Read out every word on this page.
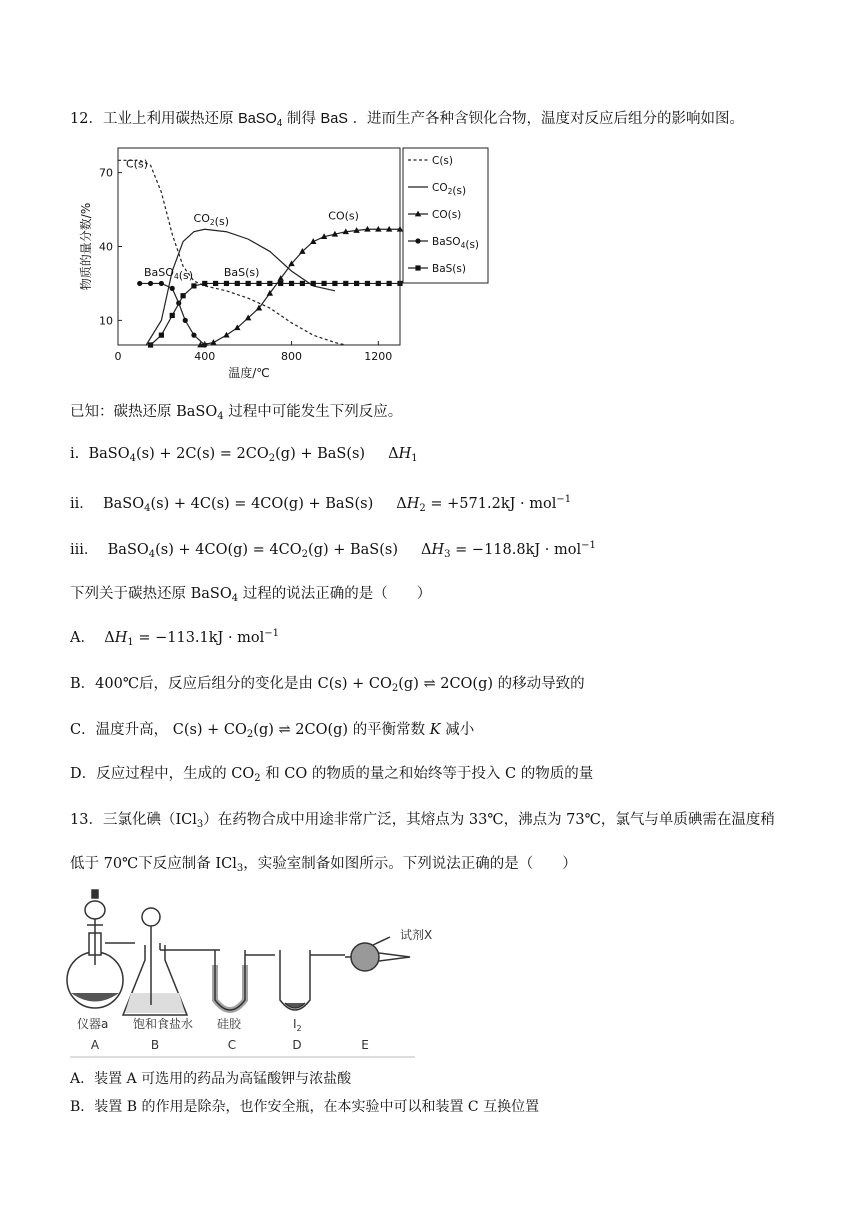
12．工业上利用碳热还原 BaSO$_4$ 制得 BaS ．进而生产各种含钡化合物，温度对反应后组分的影响如图。
0	400	800	1200
10
40
70
温度/℃
物质的量分数/%
C(s)
$CO_2(s)$
CO(s)
BaSO$_4$(s)
BaS(s)
C(s)
$CO_2(s)$	CO(s)
BaSO$_4$(s)	BaS(s)
已知：碳热还原 BaSO$_4$ 过程中可能发生下列反应。
i.  BaSO$_4$(s) + $2C(s) = 2CO_2(g) + BaS(s)$     $\Delta H_1$
ii．  BaSO$_4$(s) + 4C(s) = 4CO(g) + BaS(s)     $\Delta H_2 = +571.2kJ \cdot mol^{-1}$
iii．  BaSO$_4$(s) + $4CO(g) = 4CO_2(g) + BaS(s)$     $\Delta H_3 = -118.8kJ \cdot mol^{-1}$
下列关于碳热还原 BaSO$_4$ 过程的说法正确的是（　　）
A．  $\Delta H_1 = -113.1kJ \cdot mol^{-1}$
B．400℃后，反应后组分的变化是由 $C(s) + CO_2(g)$ ⇌ 2CO(g) 的移动导致的
C．温度升高， $C(s) + CO_2(g)$ ⇌ 2CO(g) 的平衡常数 K 减小
D．反应过程中，生成的 $CO_2$ 和 CO 的物质的量之和始终等于投入 C 的物质的量
13．三氯化碘（ICl$_3$）在药物合成中用途非常广泛，其熔点为 33℃，沸点为 73℃，氯气与单质碘需在温度稍
低于 70℃下反应制备 ICl$_3$，实验室制备如图所示。下列说法正确的是（　　）
试剂X
仪器a 饱和食盐水 硅胶	$I_2$
A	B	C	D	E
A．装置 A 可选用的药品为高锰酸钾与浓盐酸
B．装置 B 的作用是除杂，也作安全瓶，在本实验中可以和装置 C 互换位置
